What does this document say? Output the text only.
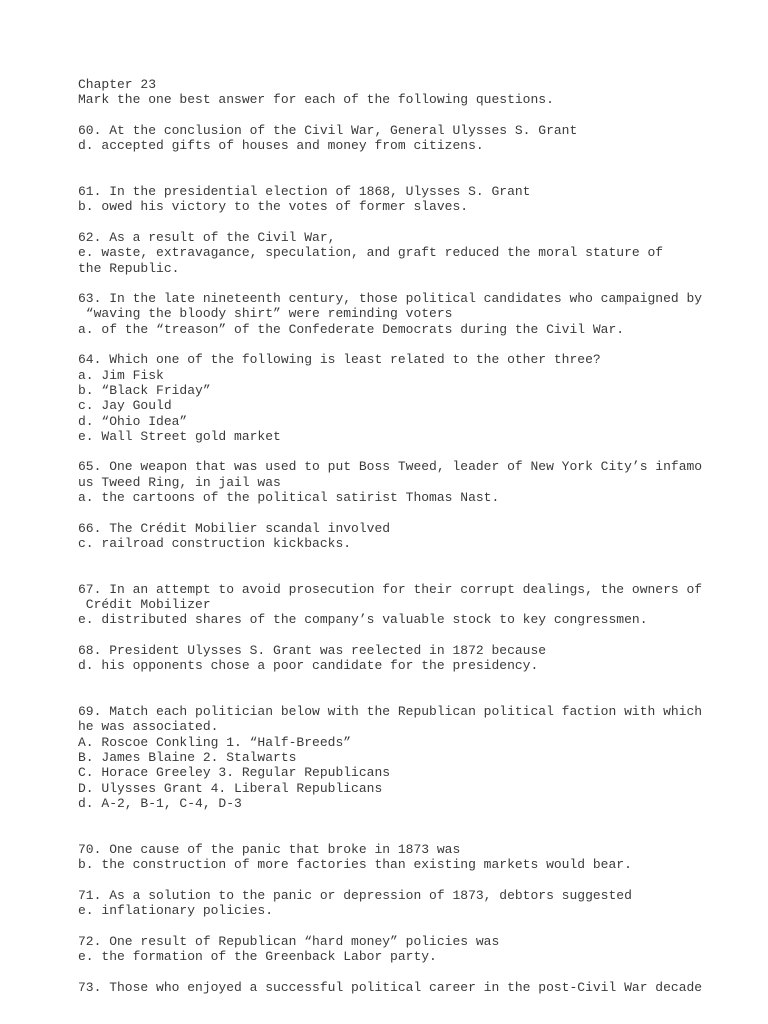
Chapter 23
Mark the one best answer for each of the following questions.
60. At the conclusion of the Civil War, General Ulysses S. Grant
d. accepted gifts of houses and money from citizens.
61. In the presidential election of 1868, Ulysses S. Grant
b. owed his victory to the votes of former slaves.
62. As a result of the Civil War,
e. waste, extravagance, speculation, and graft reduced the moral stature of
the Republic.
63. In the late nineteenth century, those political candidates who campaigned by
“waving the bloody shirt” were reminding voters
a. of the “treason” of the Confederate Democrats during the Civil War.
64. Which one of the following is least related to the other three?
a. Jim Fisk
b. “Black Friday”
c. Jay Gould
d. “Ohio Idea”
e. Wall Street gold market
65. One weapon that was used to put Boss Tweed, leader of New York City’s infamo
us Tweed Ring, in jail was
a. the cartoons of the political satirist Thomas Nast.
66. The Crédit Mobilier scandal involved
c. railroad construction kickbacks.
67. In an attempt to avoid prosecution for their corrupt dealings, the owners of
Crédit Mobilizer
e. distributed shares of the company’s valuable stock to key congressmen.
68. President Ulysses S. Grant was reelected in 1872 because
d. his opponents chose a poor candidate for the presidency.
69. Match each politician below with the Republican political faction with which
he was associated.
A. Roscoe Conkling 1. “Half-Breeds”
B. James Blaine 2. Stalwarts
C. Horace Greeley 3. Regular Republicans
D. Ulysses Grant 4. Liberal Republicans
d. A-2, B-1, C-4, D-3
70. One cause of the panic that broke in 1873 was
b. the construction of more factories than existing markets would bear.
71. As a solution to the panic or depression of 1873, debtors suggested
e. inflationary policies.
72. One result of Republican “hard money” policies was
e. the formation of the Greenback Labor party.
73. Those who enjoyed a successful political career in the post-Civil War decade
